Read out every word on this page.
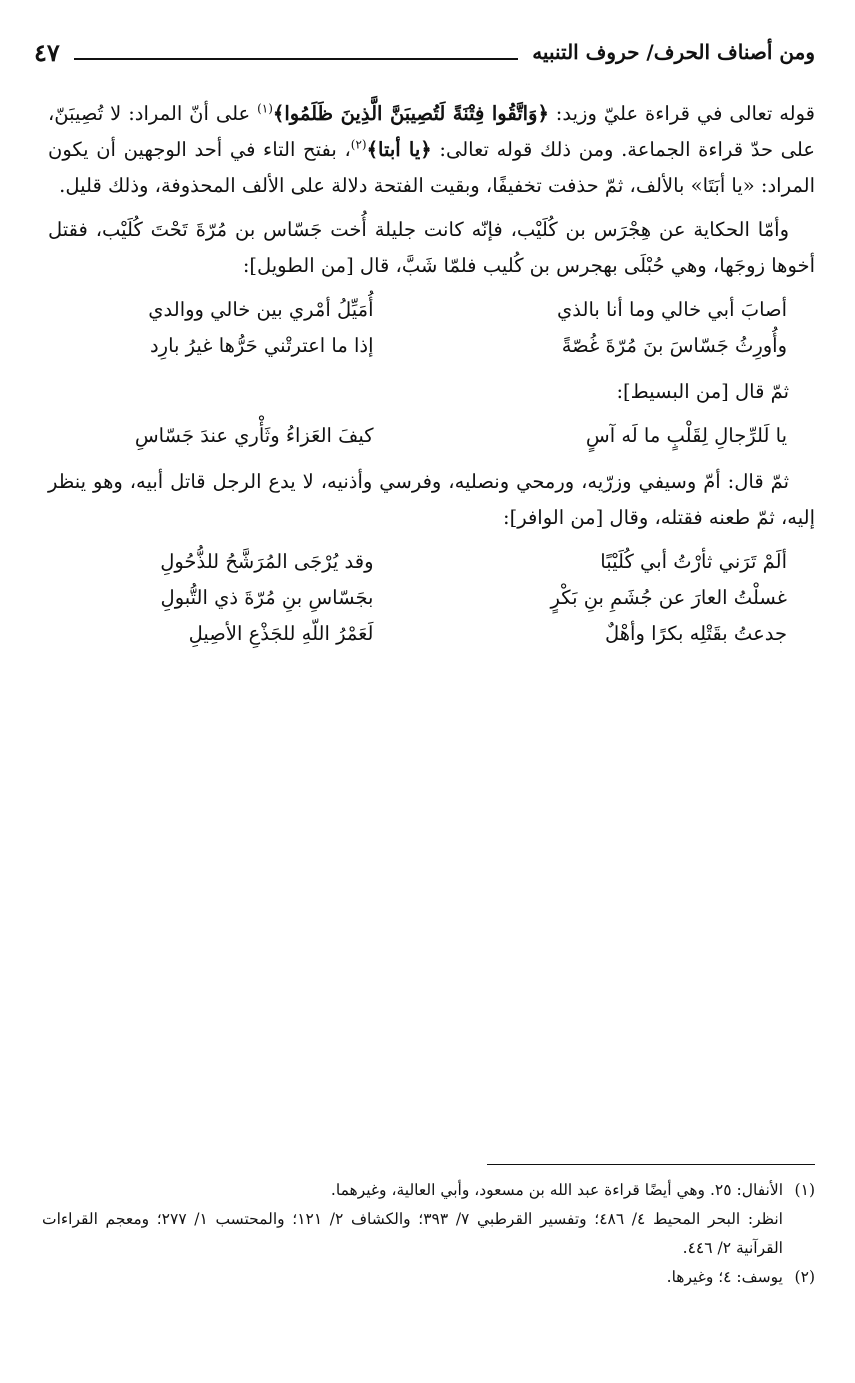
ومن أصناف الحرف/ حروف التنبيه
٤٧

قوله تعالى في قراءة عليّ وزيد: ﴿وَاتَّقُوا فِتْنَةً لَتُصِيبَنَّ الَّذِينَ ظَلَمُوا﴾$^{(١)}$ على أنّ المراد: لا تُصِيبَنّ، على حدّ قراءة الجماعة. ومن ذلك قوله تعالى: ﴿يا أبتا﴾$^{(٢)}$، بفتح التاء في أحد الوجهين أن يكون المراد: «يا أبَتَا» بالألف، ثمّ حذفت تخفيفًا، وبقيت الفتحة دلالة على الألف المحذوفة، وذلك قليل.

وأمّا الحكاية عن هِجْرَس بن كُلَيْب، فإنّه كانت جليلة أُخت جَسّاس بن مُرّةَ تَحْتَ كُلَيْب، فقتل أخوها زوجَها، وهي حُبْلَى بهجرس بن كُليب فلمّا شَبَّ، قال [من الطويل]:

أصابَ أبي خالي وما أنا بالذي
أُمَيِّلُ أمْري بين خالي ووالدي
وأُورِثُ جَسّاسَ بنَ مُرّةَ غُصّةً
إذا ما اعترتْني حَرُّها غيرُ بارِد

ثمّ قال [من البسيط]:

يا لَلرِّجالِ لِقَلْبٍ ما لَه آسٍ
كيفَ العَزاءُ وثَأْري عندَ جَسّاسِ

ثمّ قال: أمّ وسيفي وزرّيه، ورمحي ونصليه، وفرسي وأذنيه، لا يدع الرجل قاتل أبيه، وهو ينظر إليه، ثمّ طعنه فقتله، وقال [من الوافر]:

ألَمْ تَرَني ثأرْتُ أبي كُلَيْبًا
وقد يُرْجَى المُرَشَّحُ للذُّحُولِ
غسلْتُ العارَ عن جُشَمِ بنِ بَكْرٍ
بجَسّاسِ بنِ مُرّةَ ذي التُّبولِ
جدعتُ بقَتْلِه بكرًا وأهْلٌ
لَعَمْرُ اللّهِ للجَذْعِ الأصِيلِ

(١)الأنفال: ٢٥. وهي أيضًا قراءة عبد الله بن مسعود، وأبي العالية، وغيرهما.

انظر: البحر المحيط ٤/ ٤٨٦؛ وتفسير القرطبي ٧/ ٣٩٣؛ والكشاف ٢/ ١٢١؛ والمحتسب ١/ ٢٧٧؛ ومعجم القراءات القرآنية ٢/ ٤٤٦.

(٢)يوسف: ٤؛ وغيرها.
